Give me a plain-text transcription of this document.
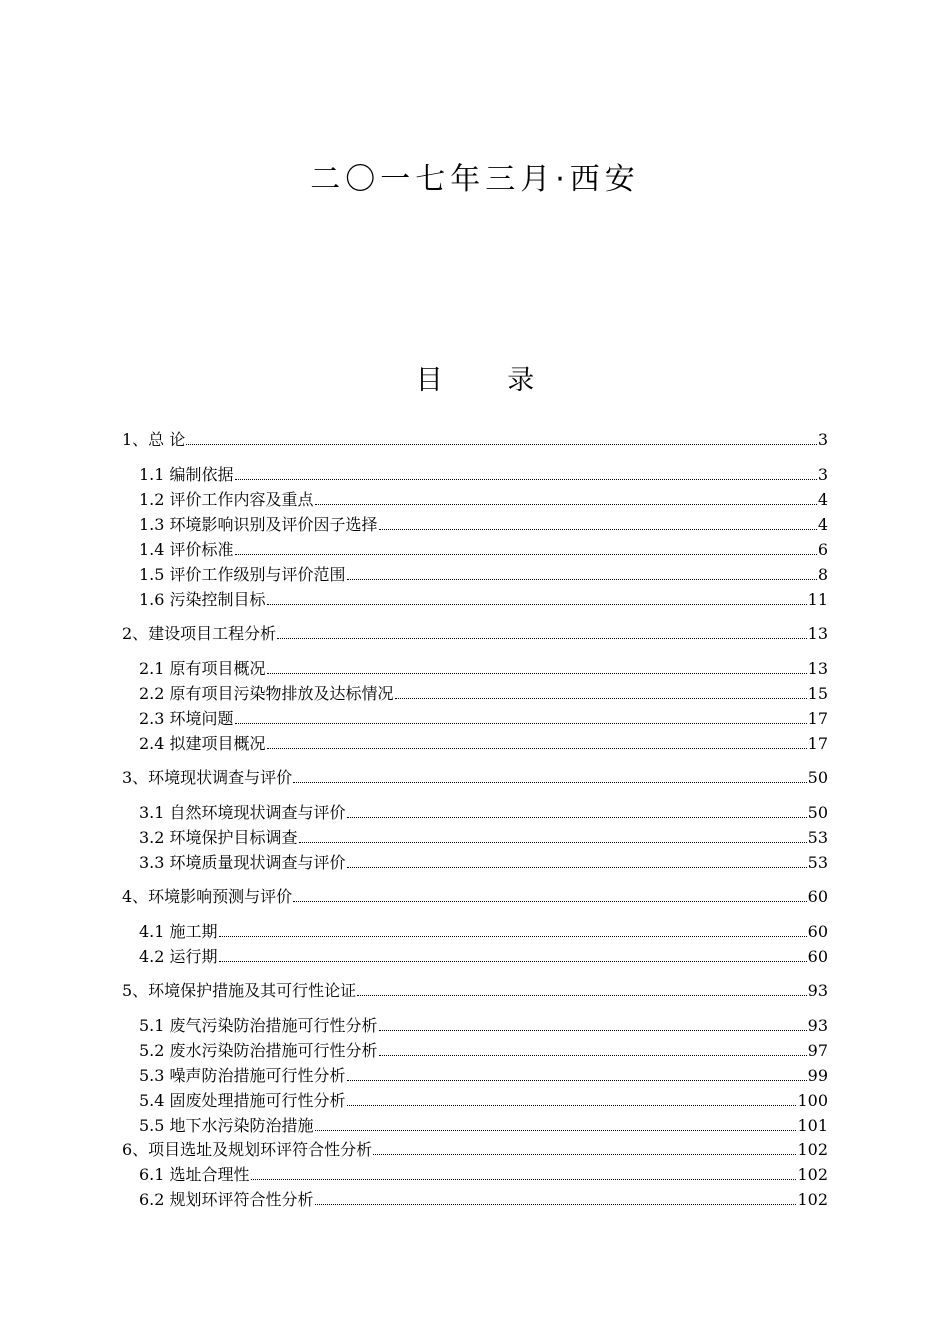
二〇一七年三月·西安
目 录
1、总 论	3
1.1 编制依据	3
1.2 评价工作内容及重点	4
1.3 环境影响识别及评价因子选择	4
1.4 评价标准	6
1.5 评价工作级别与评价范围	8
1.6 污染控制目标	11
2、建设项目工程分析	13
2.1 原有项目概况	13
2.2 原有项目污染物排放及达标情况	15
2.3 环境问题	17
2.4 拟建项目概况	17
3、环境现状调查与评价	50
3.1 自然环境现状调查与评价	50
3.2 环境保护目标调查	53
3.3 环境质量现状调查与评价	53
4、环境影响预测与评价	60
4.1 施工期	60
4.2 运行期	60
5、环境保护措施及其可行性论证	93
5.1 废气污染防治措施可行性分析	93
5.2 废水污染防治措施可行性分析	97
5.3 噪声防治措施可行性分析	99
5.4 固废处理措施可行性分析	100
5.5 地下水污染防治措施	101
6、项目选址及规划环评符合性分析	102
6.1 选址合理性	102
6.2 规划环评符合性分析	102
